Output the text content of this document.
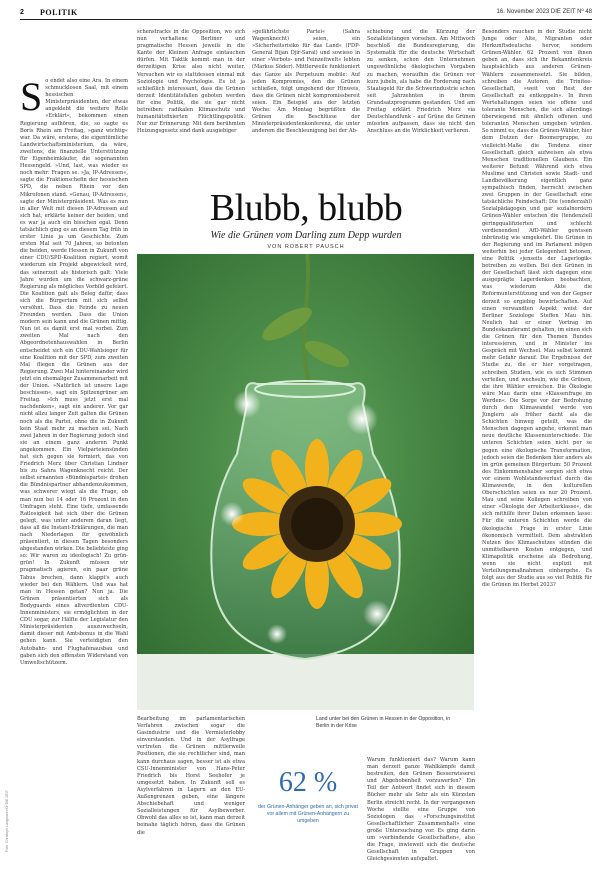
2	POLITIK	16. November 2023 DIE ZEIT Nº 48
S o endet also eine Ära. In einem schmucklosen Saal, mit einem hessischen Ministerpräsidenten, der etwas angeklebt die weitere Rolle »Erklärt«, bekommen einen Regierung aufhören, die, so sagte es Boris Rhein am Freitag, »ganz wichtig« war. Da wäre, erstens, die eigentümliche Landwirtschaftsministerium, da wäre, zweitens, die finanzielle Unterstützung für Eigenheimkäufer, die sogenannten Hessengeld. »Und, last, was wieder es noch mehr: Fragen se. »Ja, IP-Adressen«, sagte die Fraktionschefin der hessischen SPD, die neben Rhein vor den Mikrofonen stand. »Genau, IP-Adressen«, sagte der Ministerpräsident. Was es nun in aller Welt mit diesen IP-Adressen auf sich hat, erklärte keiner der beiden, und es war ja auch ein bisschen egal. Denn tatsächlich ging es an diesem Tag früh in erster Linie ja um Geschichte. Zum ersten Mal seit 70 Jahren, so betonten die beiden, werde Hessen in Zukunft von einer CDU/SPD-Koalition regiert, womit wiederum ein Projekt abgewickelt wird, das seinerzeit als historisch galt: Viele Jahre wurden um die schwarz-grüne Regierung als mögliches Vorbild gefeiert. Die Koalition galt als Beleg dafür, dass sich die Bürgertum mit sich selbst versöhnt. Dass die Feinde zu neuen Freunden werden. Dass die Union modern sein kann und die Grünen mittig. Nun ist es damit erst mal vorbei. Zum zweiten Mal nach den Abgeordnetenhauswahlen in Berlin entscheidet sich ein CDU-Wahlsieger für eine Koalition mit der SPD, zum zweiten Mal fliegen die Grünen aus der Regierung. Zwei Mal hintereinander wird jetzt ein ehemaliger Zusammenarbeit mit der Union. »Natürlich ist unsere Lage beschissen«, sagt ein Spitzengrüner am Freitag. »Ich muss jetzt erst mal nachdenken«, sagt ein anderer. Vor gar nicht allzu langer Zeit galten die Grünen noch als die Partei, ohne die in Zukunft kein Staat mehr zu machen sei. Nach zwei Jahren in der Regierung jedoch sind sie an einem ganz anderen Punkt angekommen. Ein Vielparteiensünden hat sich gegen sie formiert, das von Friedrich Merz über Christian Lindner bis zu Sahra Wagenknecht reicht. Der selbst ernannten »Bündnispartei« drohen die Bündnispartner abhandenzukommen, was schwerer wiegt als die Frage, ob man nun bei 14 oder 16 Prozent in den Umfragen steht. Eine tiefe, umfassende Ratlosigkeit hat sich über die Grünen gelegt, was unter anderem daran liegt, dass all die Instant-Erklärungen, die man nach Niederlagen für gewöhnlich präsentiert, in diesen Tagen besonders abgestanden wirken. Die beliebteste ging so: Wir waren zu ideologisch! Zu grün-grün! In Zukunft müssen wir pragmatisch agieren, ein paar grüne Tabus brechen, dann klappt's auch wieder bei den Wählern. Und was hat man in Hessen getan? Nun ja. Die Grünen präsentierten sich als Bodyguards eines altverdienten CDU-Innenministers, sie ermöglichten in der CDU sogar, zur Hälfte der Legislatur den Ministerpräsidenten auszuwechseln, damit dieser mit Amtsbonus in die Wahl gehen kann. Sie verteidigten den Autobahn- und Flughafenausbau und gaben sich den offensten Widerstand von Umweltschützern.
schenstracks in die Opposition, wo sich nun verhaltene Berliner und pragmatische Hessen jeweils in die Kante der Kleinen Anfrage eintauchen dürfen. Mit Taktik kommt man in der derzeitigen Krise also nicht weiter. Versuchen wir es stattdessen einmal mit Soziologie und Psychologie. Es ist ja schließlich interessant, dass die Grünen derzeit Identitätsfallen geboten werden für eine Politik, die sie gar nicht betreiben: radikalen Klimaschutz und humanitätsfixierten Flüchtlingspolitik. Nur zur Erinnerung: Mit dem berühmten Heizungsgesetz sind dank ausgiebiger
»gefährlichste Partei« (Sahra Wagenknecht) seien, ein »Sicherheitsrisiko für das Land« (FDP-General Bijan Djir-Sarai) und sowieso in einer »Verbots- und Feinzeitwelt« lebten (Markus Söder). Mittlerweile funktioniert das Ganze als Perpetuum mobile: Auf jeden Kompromiss, den die Grünen schließen, folgt umgehend der Hinweis, dass die Grünen nicht kompromissbereit seien. Ein Beispiel aus der letzten Woche: Am Montag begrüßten die Grünen die Beschlüsse der Ministerpräsidentenkonferenz, die unter anderem die Beschleunigung bei der Ab-
schiebung und die Kürzung der Sozialleistungen vorsehen. Am Mittwoch beschloß die Bundesregierung, die Systematik für die deutsche Wirtschaft zu senken, schon den Unternehmen ungewöhnliche ökologischen Vorgaben zu machen, woraufhin die Grünen vor kurz jubeln, als habe die Forderung nach Staatsgeld für die Schwerindustrie schon seit Jahrzehnten in ihrem Grundsatzprogramm gestanden. Und am Freitag erklärt Friedrich Merz via Deutschlandfunk – auf Grüne die Grünen müssten aufpassen, dass sie nicht den Anschluss an die Wirklichkeit verlieren.
Besonders rauchen in der Studie nicht Junge oder Alte, Migranten oder Herkunftsdeutsche hervor, sondern Grünen-Wähler. 62 Prozent von ihnen geben an, dass sich ihr Bekanntenkreis hauptsächlich aus anderen Grünen-Wählern zusammensetzt. Sie bilden, schreiben die Autoren, die Trinitee-Gesellschaft, »weit von Rest der Gesellschaft zu entkoppeln«. In ihren Wertehaltungen seien sie offene und tolerante Menschen, die sich allerdings überwiegend mit ähnlich offenen und toleranten Menschen umgeben würden. So nimmt es, dass die Grünen-Wähler, hier dem Dutzen der Boomergruppe, zu vielleicht-Maße die Tendenz einer Gesellschaft gleich aufweisen als etwa Menschen traditionellen Glaubens. Ein weiterer Befund: Während sich etwa Muslime und Christen sowie Stadt- und Landbevölkerung eigentlich ganz sympathisch finden, herrscht zwischen zwei Gruppen in der Gesellschaft eine tatsächliche Feindschaft: Die (sonderzahl) Sozialpädagogen und gar sozialnordern Grünen-Wähler entschen die (tendenziell geringqualifizierten und schlecht verdienenden) AfD-Wähler gewissen inbrünstig wie umgekehrt. Die Grünen in der Regierung und im Parlament mögen weiterhin bei jeder Gelegenheit betonen, eine Politik »jenseits der Lagerlogik« betreiben zu wollen. Bei den Grünen in der Gesellschaft lässt sich dagegen eine ausgeprägte Lagerdenken beobachten, was wiederum Akte die Reformunterstützung und von der Gegner derzeit so ergiebig bewirtschaften. Auf einen verwandten Aspekt weist der Berliner Soziologe Steffen Mau hin. Neulich hat er einer Vortrag im Bundeskanzleramt gehalten, im einen sich die Grünen für den Themen Bundes interessieren, und in Minister ins Gespräch mit Wechsel. Mau selbst kommt mehr Gefahr darauf. Die Ergebnisse der Studie zu, die er hier vorgetragen, schreiben Studien, wie es sich Stimmen verteilen, und wechseln, wie die Grünen, die ihre Wähler erreichen. Die Ökologie wäre Mau darin eine »Klassenfrage im Werden«. Die Sorge vor der Bedrohung durch den Klimawandel werde von Jünglern als früher dacht als die Schichten hinweg geteilt, was die Menschen dagegen angehe, erkennt man neue deutliche Klassenunterschiede. Die unteren Schichten seien nicht per se gegen eine ökologische Transformation, jedoch seien die Bedenken hier anders als im grün gemeinen Bürgertum: 50 Prozent des Einkommenshaber sorgen sich etwa vor einem Wohlstandsverlust durch die Klimawende, in den kulturellen Oberschichten seien es nur 20 Prozent. Mau und seine Kollegen schreiben von einer »Ökologie der Arbeiterklasse«, die sich mithilfe ihrer Daten erkennen lasse: Für die unteren Schichten werde die ökologische Frage in erster Linie ökonomisch vermittelt. Dem abstrakten Nutzen des Klimaschutzes stünden die unmittelbaren Kosten entgegen, und Klimapolitik erscheine als Bedrohung, wenn sie nicht explizit mit Verteilungsmaßnahmen einhergehe. Es folgt aus der Studie aus so viel Politik für die Grünen im Herbst 2023?
Blubb, blubb
Wie die Grünen vom Darling zum Depp wurden
VON ROBERT PAUSCH
Land unter bei den Grünen in Hessen in der Opposition, in Berlin in der Krise
Bearbeitung im parlamentarischen Verfahren zwischen sogar die Gasindustrie und die Vermieterlobby einverstanden. Und in der Asylfrage vertreten die Grünen mittlerweile Positionen, die sie rechtlicher sind, man kann durchaus sagen, besser ist als etwa CSU-Innenminister von Hans-Peter Friedrich bis Horst Seehofer je umgesetzt haben. In Zukunft soll es Asylverfahren in Lagern an den EU-Außengrenzen geben, eine längere Abschiebehaft und weniger Sozialleistungen für Asylbewerber. Obwohl das alles so ist, kann man derzeit beinahe täglich hören, dass die Grünen die
62 %
der Grünen-Anhänger geben an, sich privat vor allem mit Grünen-Anhängern zu umgeben
Warum funktioniert das? Warum kann man derzeit ganze Wahlkämpfe damit bestreiten, den Grünen Besserwisserei und Abgehobenheit vorzuwerfen? Ein Teil der Antwort findet sich in diesem Bücher mehr als Sehr als ein Kürzsten Berlin streicht recht. In der vergangenen Woche stellte eine Gruppe von Soziologen das »Forschungsinstitut Gesellschaftlicher Zusammenhalt« eine große Untersuchung vor. Es ging darin um »verbindende Gesellschaften«, also die Frage, inwieweit sich die deutsche Gesellschaft in Gruppen von Gleichgesinnten aufspaltet.
Foto: Christoph Langmann für DIE ZEIT
